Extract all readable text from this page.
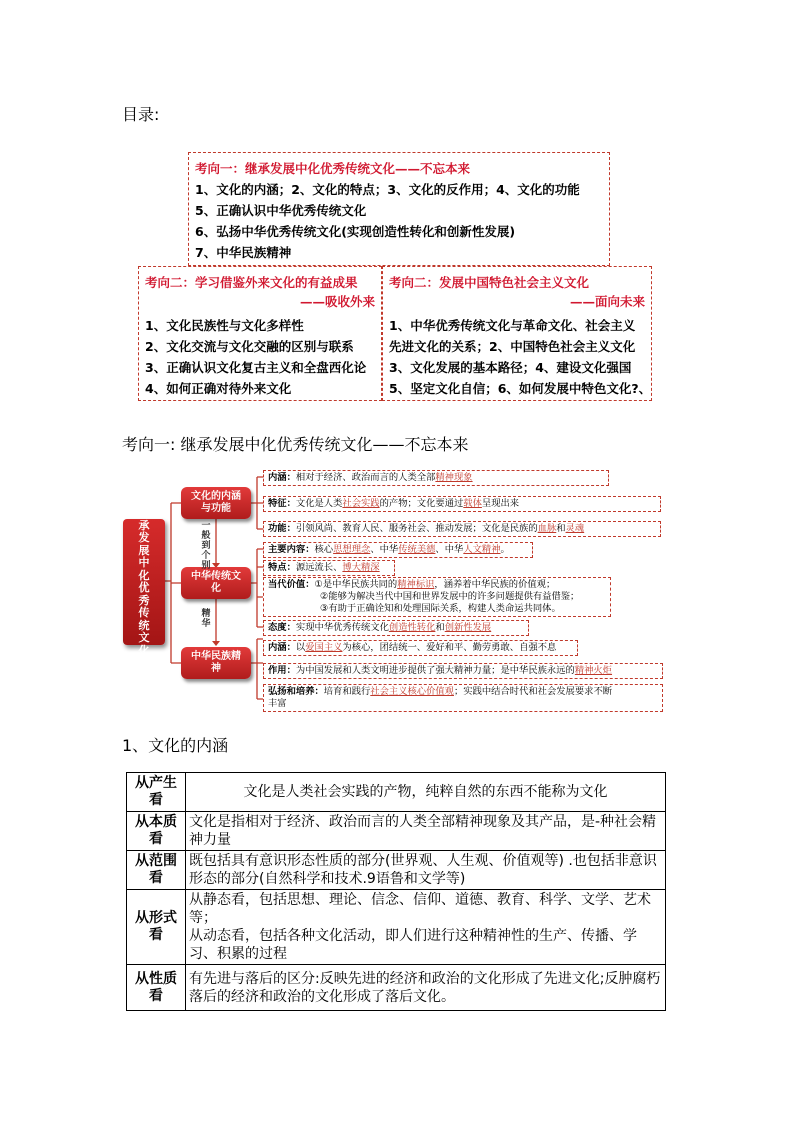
目录:
考向一：继承发展中化优秀传统文化——不忘本来
1、文化的内涵；2、文化的特点；3、文化的反作用；4、文化的功能
5、正确认识中华优秀传统文化
6、弘扬中华优秀传统文化(实现创造性转化和创新性发展)
7、中华民族精神
考向二：学习借鉴外来文化的有益成果
——吸收外来
1、文化民族性与文化多样性
2、文化交流与文化交融的区别与联系
3、正确认识文化复古主义和全盘西化论
4、如何正确对待外来文化
考向二：发展中国特色社会主义文化
——面向未来
1、中华优秀传统文化与革命文化、社会主义
先进文化的关系；2、中国特色社会主义文化
3、文化发展的基本路径；4、建设文化强国
5、坚定文化自信；6、如何发展中特色文化?、
考向一: 继承发展中化优秀传统文化——不忘本来
继承发展中化优秀传统文化
文化的内涵与功能
中华传统文化
中华民族精神
一般到个别
精华
内涵：相对于经济、政治而言的人类全部精神现象
特征：文化是人类社会实践的产物；文化要通过载体呈现出来
功能：引领风尚、教育人民、服务社会、推动发展；文化是民族的血脉和灵魂
主要内容：核心思想理念、中华传统美德、中华人文精神。
特点：源远流长、博大精深
当代价值：①是中华民族共同的精神标识，涵养着中华民族的价值观；
②能够为解决当代中国和世界发展中的许多问题提供有益借鉴；
③有助于正确诠知和处理国际关系，构建人类命运共同体。
态度：实现中华优秀传统文化创造性转化和创新性发展
内涵：以爱国主义为核心，团结统一、爱好和平、勤劳勇敢、自强不息
作用：为中国发展和人类文明进步提供了强大精神力量；是中华民族永远的精神火炬
弘扬和培养：培育和践行社会主义核心价值观；实践中结合时代和社会发展要求不断
丰富
1、文化的内涵
从产生看	文化是人类社会实践的产物，纯粹自然的东西不能称为文化
从本质看	文化是指相对于经济、政治而言的人类全部精神现象及其产品，是-种社会精神力量
从范围看	既包括具有意识形态性质的部分(世界观、人生观、价值观等) .也包括非意识形态的部分(自然科学和技术.9语鲁和文学等)
从形式看	从静态看，包括思想、理论、信念、信仰、道德、教育、科学、文学、艺术等；
从动态看，包括各种文化活动，即人们进行这种精神性的生产、传播、学习、积累的过程

从性质看	有先进与落后的区分:反映先进的经济和政治的文化形成了先进文化;反肿腐朽落后的经济和政治的文化形成了落后文化。
